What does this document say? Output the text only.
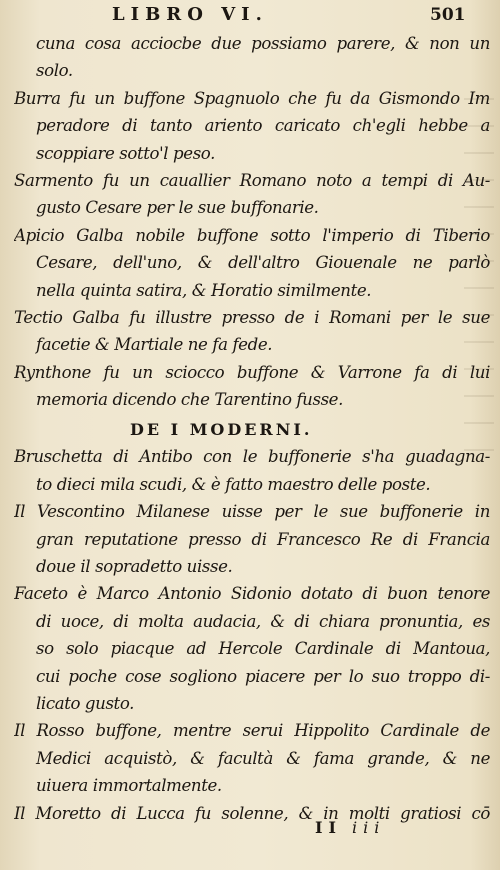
LIBRO VI.	501
cuna cosa acciocbe due possiamo parere, & non un
solo.
Burra fu un buffone Spagnuolo che fu da Gismondo Im
peradore di tanto ariento caricato ch'egli hebbe a
scoppiare sotto'l peso.
Sarmento fu un cauallier Romano noto a tempi di Au-
gusto Cesare per le sue buffonarie.
Apicio Galba nobile buffone sotto l'imperio di Tiberio
Cesare, dell'uno, & dell'altro Giouenale ne parlò
nella quinta satira, & Horatio similmente.
Tectio Galba fu illustre presso de i Romani per le sue
facetie & Martiale ne fa fede.
Rynthone fu un sciocco buffone & Varrone fa di lui
memoria dicendo che Tarentino fusse.
DE I MODERNI.
Bruschetta di Antibo con le buffonerie s'ha guadagna-
to dieci mila scudi, & è fatto maestro delle poste.
Il Vescontino Milanese uisse per le sue buffonerie in
gran reputatione presso di Francesco Re di Francia
doue il sopradetto uisse.
Faceto è Marco Antonio Sidonio dotato di buon tenore
di uoce, di molta audacia, & di chiara pronuntia, es
so solo piacque ad Hercole Cardinale di Mantoua,
cui poche cose sogliono piacere per lo suo troppo di-
licato gusto.
Il Rosso buffone, mentre serui Hippolito Cardinale de
Medici acquistò, & facultà & fama grande, & ne
uiuera immortalmente.
Il Moretto di Lucca fu solenne, & in molti gratiosi cō
II iii
